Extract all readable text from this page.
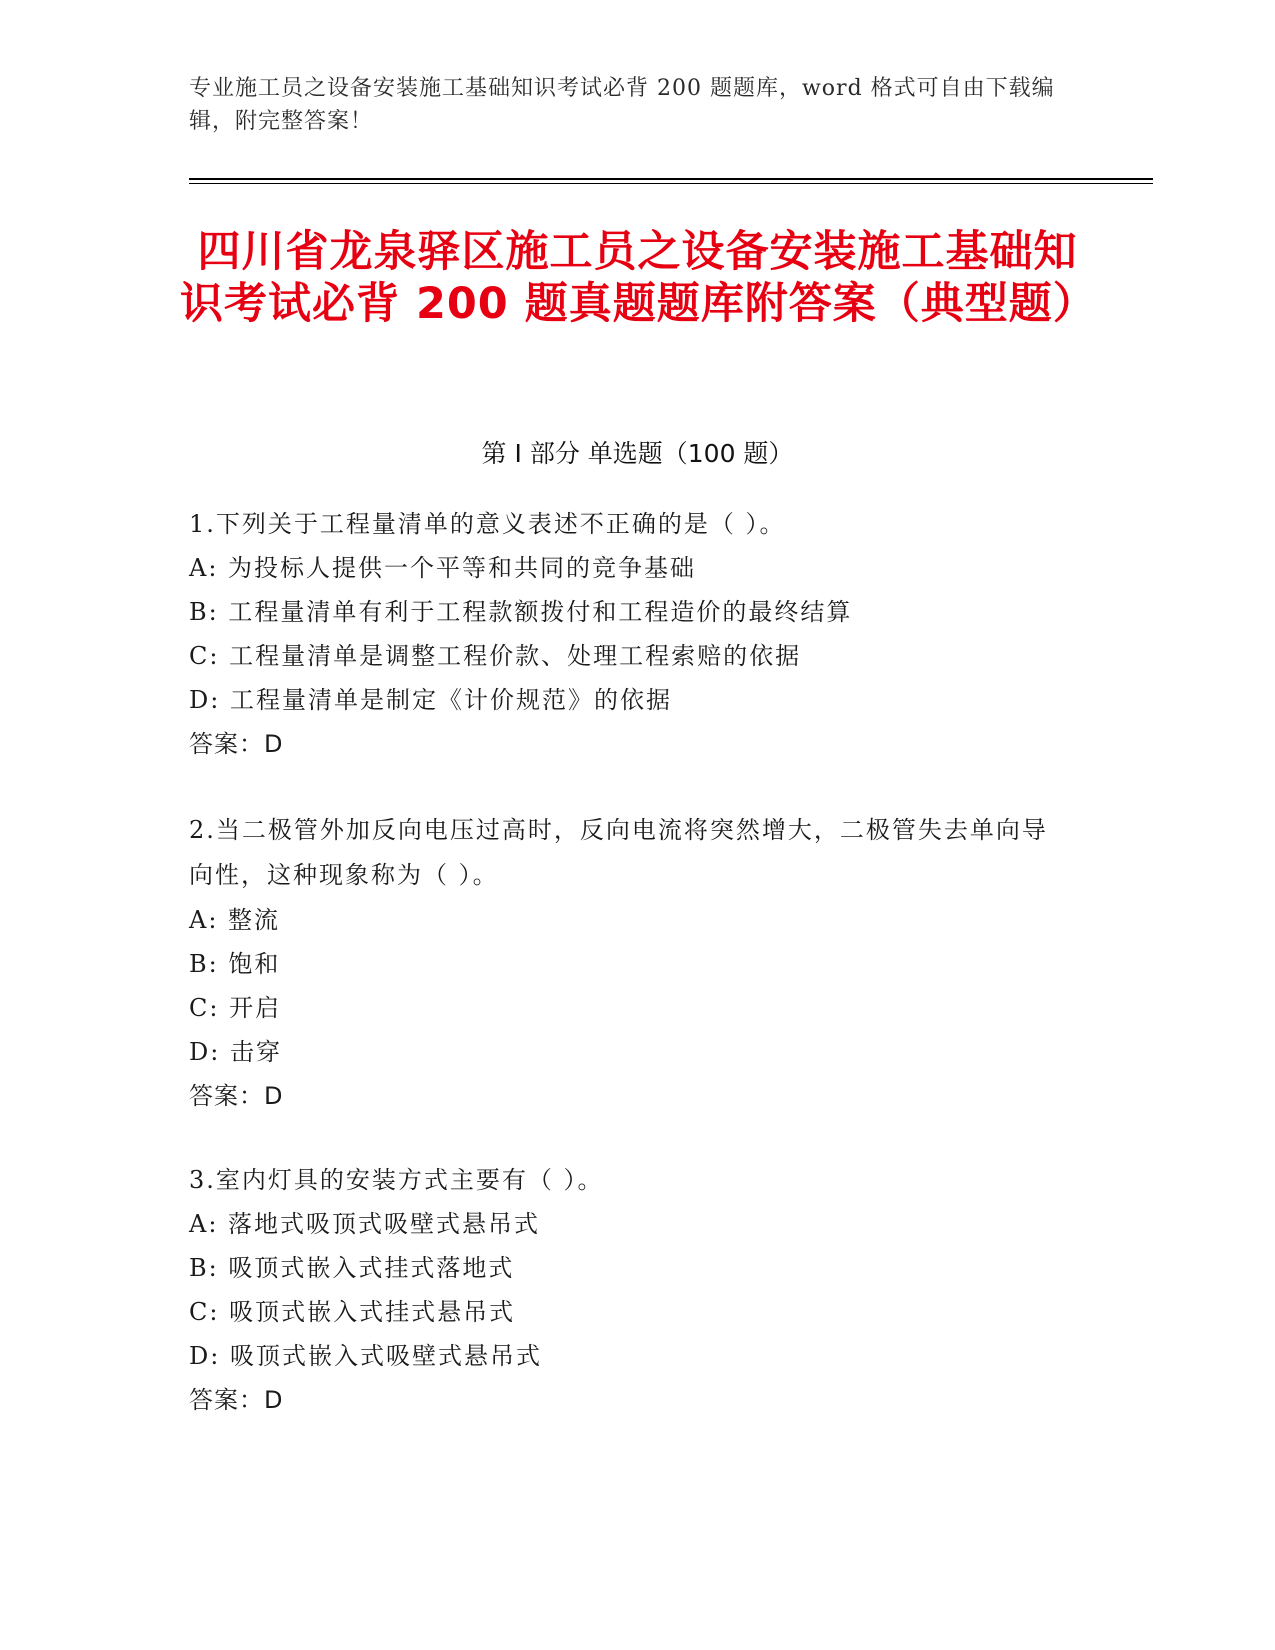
专业施工员之设备安装施工基础知识考试必背 200 题题库，word 格式可自由下载编辑，附完整答案！
四川省龙泉驿区施工员之设备安装施工基础知识考试必背 200 题真题题库附答案（典型题）
第 I 部分 单选题（100 题）
1.下列关于工程量清单的意义表述不正确的是（ ）。
A: 为投标人提供一个平等和共同的竞争基础
B: 工程量清单有利于工程款额拨付和工程造价的最终结算
C: 工程量清单是调整工程价款、处理工程索赔的依据
D: 工程量清单是制定《计价规范》的依据
答案：D
2.当二极管外加反向电压过高时，反向电流将突然增大，二极管失去单向导向性，这种现象称为（ ）。
A: 整流
B: 饱和
C: 开启
D: 击穿
答案：D
3.室内灯具的安装方式主要有（ ）。
A: 落地式吸顶式吸壁式悬吊式
B: 吸顶式嵌入式挂式落地式
C: 吸顶式嵌入式挂式悬吊式
D: 吸顶式嵌入式吸壁式悬吊式
答案：D
